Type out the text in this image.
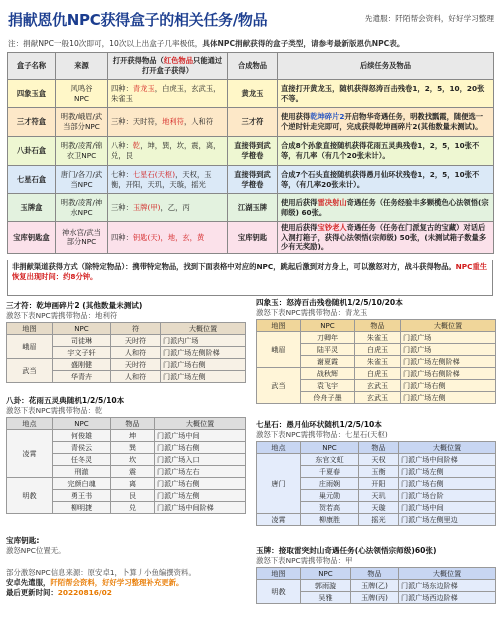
捐献恩仇NPC获得盒子的相关任务/物品	先遣服：阡陌帮会资料，好好学习整理
注：捐献NPC一般10次即可，10次以上出盒子几率极低，具体NPC捐献获得的盒子类型，请参考最新版恩仇NPC表。
盒子名称	来源	打开获得物品（红色物品只能通过打开盒子获得）	合成物品	后续任务及物品
四象玉盒	风鸣谷
NPC	四种：青龙玉，白虎玉，玄武玉，朱雀玉	黄龙玉	直接打开黄龙玉，随机获得怒涛百击残卷1，2，5，10，20张不等。
三才符盒	明教/峨眉/武当部分NPC	三种：天时符，地利符，人和符	三才符	使用获得乾坤碎片2开启物华奇遇任务，明教找瓢霞，随便选一个逆时针走完即可，完成获得乾坤画碎片2(其他数量未测试)。
八卦石盒	明教/凌霄/锦衣卫NPC	八种：乾，坤，巽，坎，震，离，兑，艮	直接得到武学橙卷	合成8个孙象直接随机获得花雨五灵典残卷1，2，5，10张不等，有几率（有几个20张未计）。
七星石盒	唐门/各刀/武当NPC	七种：七星石(天枢)，天权，玉衡，开阳，天玑，天璇，摇光	直接得到武学橙卷	合成7个石头直接随机获得愚月仙环状残卷1，2，5，10张不等，（有几率20张未计）。
玉牌盒	明教/凌霄/神水NPC	三种：玉牌(甲)，乙，丙	江湖玉牌	使用后获得雷决射山奇遇任务（任务经验丰多颗榄色心法领悟(宗师级) 60张。
宝库钥匙盒	神水宫/武当部分NPC	四种：钥匙(天)，地，玄，黄	宝库钥匙	使用后获得宝钞老人奇遇任务（任务在门派复古的宝藏）对话后入洞打箱子，获得心法领悟(宗师级) 50张，(未测试箱子数量多少有无奖励)。
非捐献渠道获得方式（除特定物品）：携带特定物品，找到下面表格中对应的NPC，跳起后激到对方身上，可以激怒对方，战斗获得物品。NPC重生恢复出现时间：约8分钟。
三才符：乾坤画碎片2 (其他数量未测试)
激怒下表NPC需携带物品：地利符
地图	NPC	符	大概位置
峨眉	司徒琳	天时符	门派内广场
	宇文子轩	人和符	门派广场左侧阶梯
武当	盛刚健	天时符	门派广场右侧
	华青卉	人和符	门派广场左侧
四象玉：怒涛百击残卷随机1/2/5/10/20本
激怒下表NPC需携带物品：青龙玉
地图	NPC	物品	大概位置
峨眉	刀卿年	朱雀玉	门派广场
	陆平灵	白虎玉	门派广场
	谢夏霞	朱雀玉	门派广场左侧阶梯
武当	战秋辉	白虎玉	门派广场右侧阶梯
	袁飞宇	玄武玉	门派广场右侧
	伶舟子墨	玄武玉	门派广场左侧
八卦：花雨五灵典随机1/2/5/10本
激怒下表NPC需携带物品：乾
地点	NPC	物品	大概位置
凌霄	何俊雄	坤	门派广场中间
	青侯云	巽	门派广场右侧
	任冬灵	坎	门派广场入口
	刑澈	震	门派广场左右
明教	完颜白魂	离	门派广场右侧
	勇王书	艮	门派广场左侧
	柳明捷	兑	门派广场中间阶梯
七星石：愚月仙环状随机1/2/5/10本
激怒下表NPC需携带物品：七星石(天枢)
地点	NPC	物品	大概位置
唐门	东官文虹	天权	门派广场中间阶梯
	千夏春	玉衡	门派广场左侧
	庄雨娴	开阳	门派广场右侧
	巢元勋	天玑	门派广场台阶
	贺若高	天璇	门派广场中间
凌霄	柳康胜	摇光	门派广场左侧里边
玉牌：接取雷突封山奇遇任务(心法领悟宗师级)60张)
激怒下表NPC需携带物品：甲
地图	NPC	物品	大概位置
明教	郭雨漩	玉牌(乙)	门派广场东边阶梯
	吴雅	玉牌(丙)	门派广场西边阶梯
宝库钥匙:
激怒NPC位置无。
部分激怒NPC信息来源：原安卓1，卜算丿小鱼编撰资料。
安卓先遣服，阡陌帮会资料，好好学习整理补充更新。
最后更新时间：20220816/02
